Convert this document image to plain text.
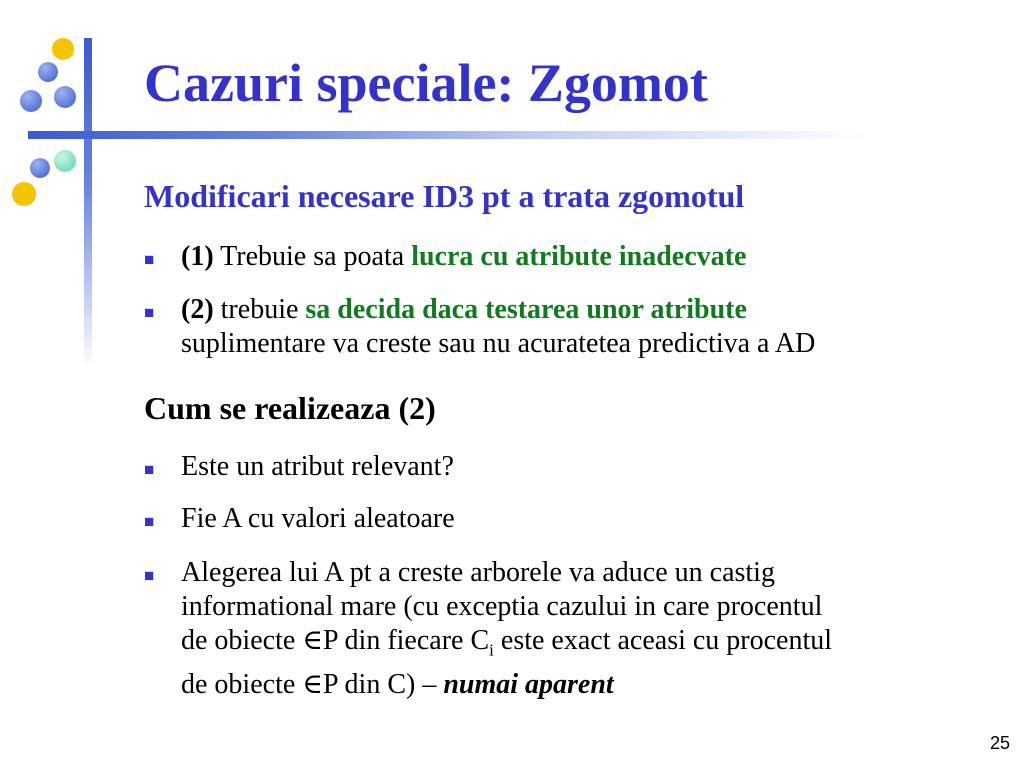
Cazuri speciale: Zgomot
Modificari necesare ID3 pt a trata zgomotul
■ (1) Trebuie sa poata lucra cu atribute inadecvate
■ (2) trebuie sa decida daca testarea unor atribute
suplimentare va creste sau nu acuratetea predictiva a AD
Cum se realizeaza (2)
■ Este un atribut relevant?
■ Fie A cu valori aleatoare
■ Alegerea lui A pt a creste arborele va aduce un castig
informational mare (cu exceptia cazului in care procentul
de obiecte ∈P din fiecare $C_i$ este exact aceasi cu procentul
de obiecte ∈P din C) – numai aparent
25
